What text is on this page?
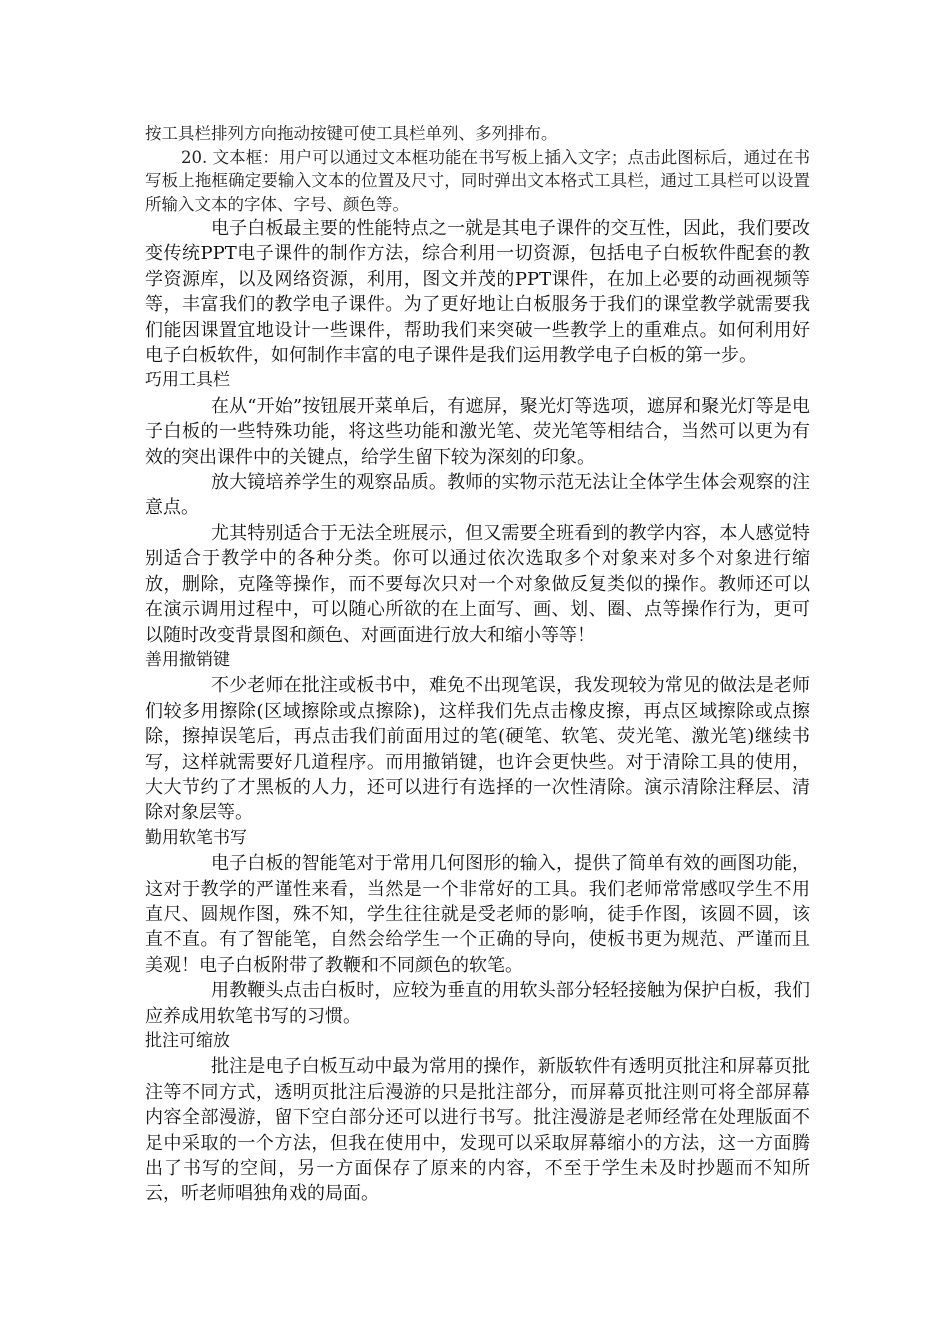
按工具栏排列方向拖动按键可使工具栏单列、多列排布。

20. 文本框：用户可以通过文本框功能在书写板上插入文字；点击此图标后，通过在书写板上拖框确定要输入文本的位置及尺寸，同时弹出文本格式工具栏，通过工具栏可以设置所输入文本的字体、字号、颜色等。

电子白板最主要的性能特点之一就是其电子课件的交互性，因此，我们要改变传统PPT电子课件的制作方法，综合利用一切资源，包括电子白板软件配套的教学资源库，以及网络资源，利用，图文并茂的PPT课件，在加上必要的动画视频等等，丰富我们的教学电子课件。为了更好地让白板服务于我们的课堂教学就需要我们能因课置宜地设计一些课件，帮助我们来突破一些教学上的重难点。如何利用好电子白板软件，如何制作丰富的电子课件是我们运用教学电子白板的第一步。

巧用工具栏

在从“开始”按钮展开菜单后，有遮屏，聚光灯等选项，遮屏和聚光灯等是电子白板的一些特殊功能，将这些功能和激光笔、荧光笔等相结合，当然可以更为有效的突出课件中的关键点，给学生留下较为深刻的印象。

放大镜培养学生的观察品质。教师的实物示范无法让全体学生体会观察的注意点。

尤其特别适合于无法全班展示，但又需要全班看到的教学内容，本人感觉特别适合于教学中的各种分类。你可以通过依次选取多个对象来对多个对象进行缩放，删除，克隆等操作，而不要每次只对一个对象做反复类似的操作。教师还可以在演示调用过程中，可以随心所欲的在上面写、画、划、圈、点等操作行为，更可以随时改变背景图和颜色、对画面进行放大和缩小等等！

善用撤销键

不少老师在批注或板书中，难免不出现笔误，我发现较为常见的做法是老师们较多用擦除(区域擦除或点擦除)，这样我们先点击橡皮擦，再点区域擦除或点擦除，擦掉误笔后，再点击我们前面用过的笔(硬笔、软笔、荧光笔、激光笔)继续书写，这样就需要好几道程序。而用撤销键，也许会更快些。对于清除工具的使用，大大节约了才黑板的人力，还可以进行有选择的一次性清除。演示清除注释层、清除对象层等。

勤用软笔书写

电子白板的智能笔对于常用几何图形的输入，提供了简单有效的画图功能，这对于教学的严谨性来看，当然是一个非常好的工具。我们老师常常感叹学生不用直尺、圆规作图，殊不知，学生往往就是受老师的影响，徒手作图，该圆不圆，该直不直。有了智能笔，自然会给学生一个正确的导向，使板书更为规范、严谨而且美观！电子白板附带了教鞭和不同颜色的软笔。

用教鞭头点击白板时，应较为垂直的用软头部分轻轻接触为保护白板，我们应养成用软笔书写的习惯。

批注可缩放

批注是电子白板互动中最为常用的操作，新版软件有透明页批注和屏幕页批注等不同方式，透明页批注后漫游的只是批注部分，而屏幕页批注则可将全部屏幕内容全部漫游，留下空白部分还可以进行书写。批注漫游是老师经常在处理版面不足中采取的一个方法，但我在使用中，发现可以采取屏幕缩小的方法，这一方面腾出了书写的空间，另一方面保存了原来的内容，不至于学生未及时抄题而不知所云，听老师唱独角戏的局面。
